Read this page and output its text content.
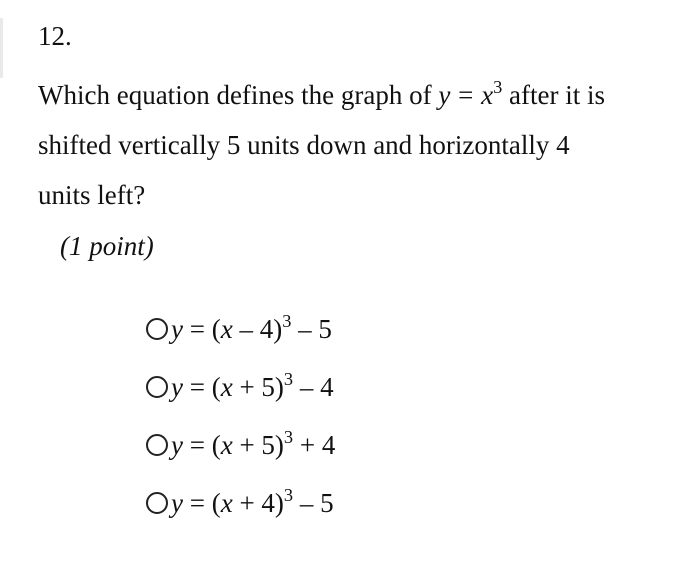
12.
Which equation defines the graph of $y = x^3$ after it is
shifted vertically 5 units down and horizontally 4
units left?
(1 point)
y = (x – 4)$^3$ – 5
$y = (x + 5)^3 - 4$
$y = (x + 5)^3 + 4$
$y = (x + 4)^3 - 5$
